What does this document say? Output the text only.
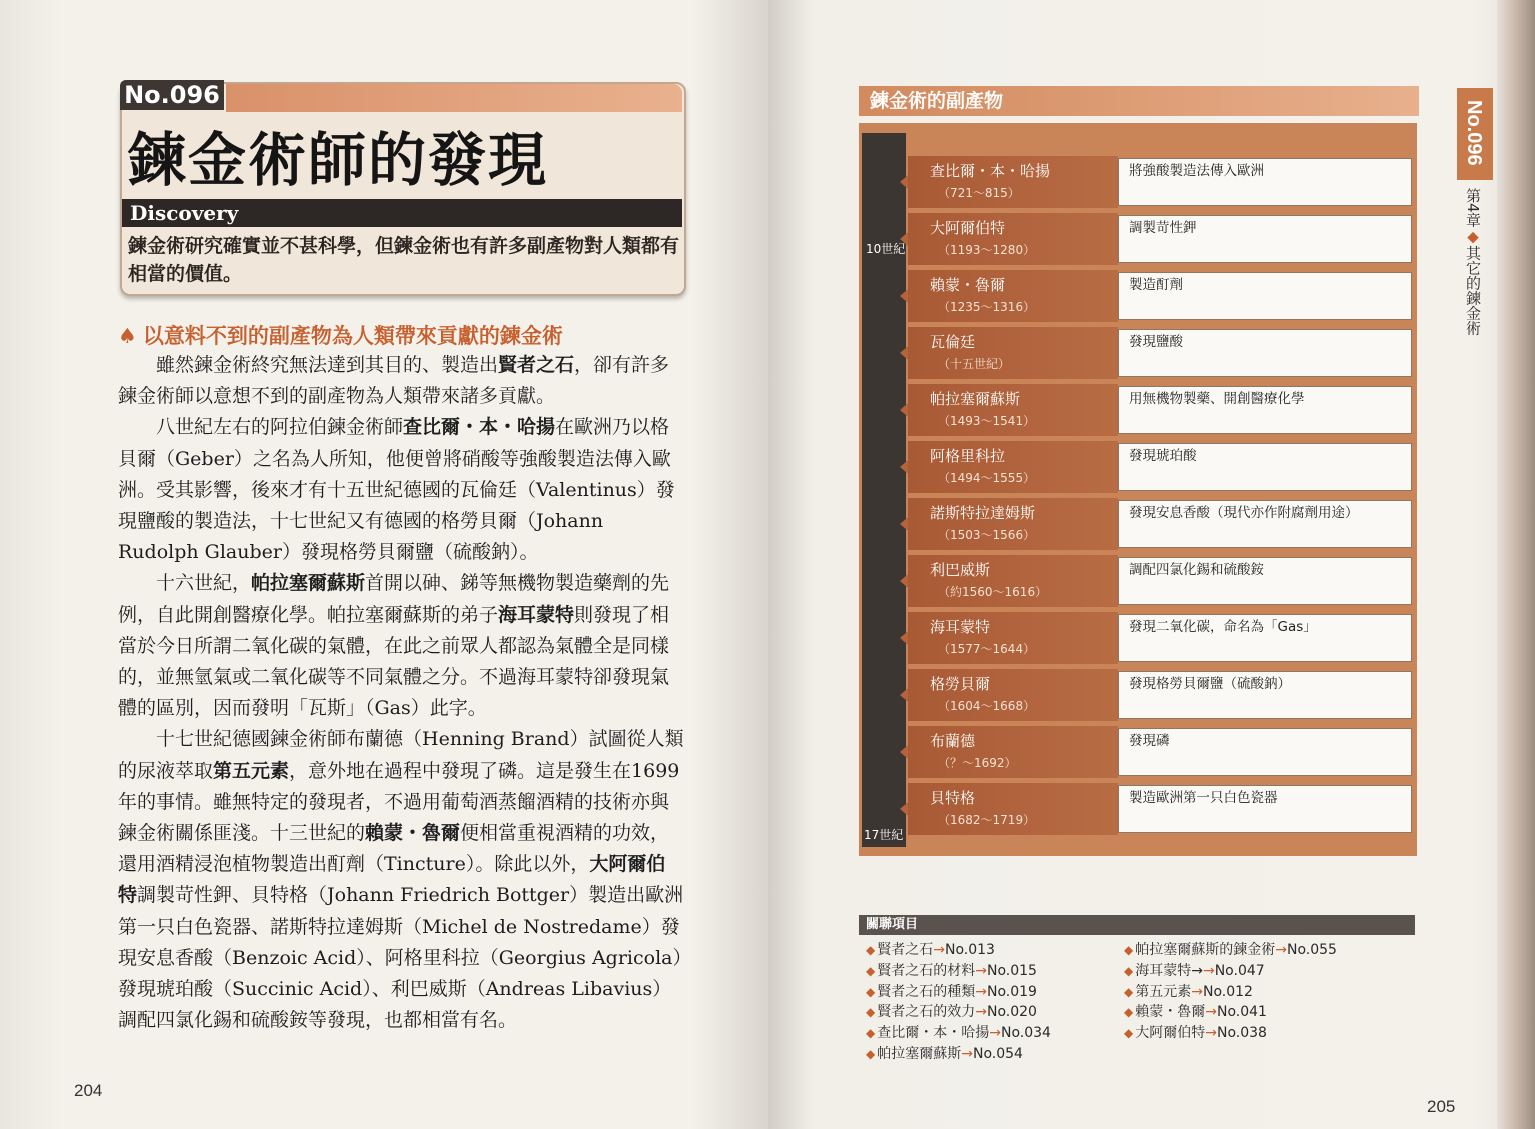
No.096
鍊金術師的發現
Discovery
鍊金術研究確實並不甚科學，但鍊金術也有許多副產物對人類都有相當的價值。
♠ 以意料不到的副產物為人類帶來貢獻的鍊金術

雖然鍊金術終究無法達到其目的、製造出賢者之石，卻有許多鍊金術師以意想不到的副產物為人類帶來諸多貢獻。

八世紀左右的阿拉伯鍊金術師查比爾・本・哈揚在歐洲乃以格貝爾（Geber）之名為人所知，他便曾將硝酸等強酸製造法傳入歐洲。受其影響，後來才有十五世紀德國的瓦倫廷（Valentinus）發現鹽酸的製造法，十七世紀又有德國的格勞貝爾（Johann Rudolph Glauber）發現格勞貝爾鹽（硫酸鈉）。

十六世紀，帕拉塞爾蘇斯首開以砷、銻等無機物製造藥劑的先例，自此開創醫療化學。帕拉塞爾蘇斯的弟子海耳蒙特則發現了相當於今日所謂二氧化碳的氣體，在此之前眾人都認為氣體全是同樣的，並無氫氣或二氧化碳等不同氣體之分。不過海耳蒙特卻發現氣體的區別，因而發明「瓦斯」（Gas）此字。

十七世紀德國鍊金術師布蘭德（Henning Brand）試圖從人類的尿液萃取第五元素，意外地在過程中發現了磷。這是發生在1699年的事情。雖無特定的發現者，不過用葡萄酒蒸餾酒精的技術亦與鍊金術關係匪淺。十三世紀的賴蒙・魯爾便相當重視酒精的功效，還用酒精浸泡植物製造出酊劑（Tincture）。除此以外，大阿爾伯特調製苛性鉀、貝特格（Johann Friedrich Bottger）製造出歐洲第一只白色瓷器、諾斯特拉達姆斯（Michel de Nostredame）發現安息香酸（Benzoic Acid）、阿格里科拉（Georgius Agricola）發現琥珀酸（Succinic Acid）、利巴威斯（Andreas Libavius）調配四氯化錫和硫酸銨等發現，也都相當有名。

204
鍊金術的副產物
10世紀
17世紀
查比爾・本・哈揚
（721～815）
將強酸製造法傳入歐洲
大阿爾伯特
（1193～1280）
調製苛性鉀
賴蒙・魯爾
（1235～1316）
製造酊劑
瓦倫廷
（十五世紀）
發現鹽酸
帕拉塞爾蘇斯
（1493～1541）
用無機物製藥、開創醫療化學
阿格里科拉
（1494～1555）
發現琥珀酸
諾斯特拉達姆斯
（1503～1566）
發現安息香酸（現代亦作附腐劑用途）
利巴威斯
（約1560～1616）
調配四氯化錫和硫酸銨
海耳蒙特
（1577～1644）
發現二氧化碳，命名為「Gas」
格勞貝爾
（1604～1668）
發現格勞貝爾鹽（硫酸鈉）
布蘭德
（？～1692）
發現磷
貝特格
（1682～1719）
製造歐洲第一只白色瓷器
關聯項目
◆ 賢者之石→No.013
◆ 賢者之石的材料→No.015
◆ 賢者之石的種類→No.019
◆ 賢者之石的效力→No.020
◆ 查比爾・本・哈揚→No.034
◆ 帕拉塞爾蘇斯→No.054
◆ 帕拉塞爾蘇斯的鍊金術→No.055
◆ 海耳蒙特→→No.047
◆ 第五元素→No.012
◆ 賴蒙・魯爾→No.041
◆ 大阿爾伯特→No.038
No.096
第4章◆其它的鍊金術
205
